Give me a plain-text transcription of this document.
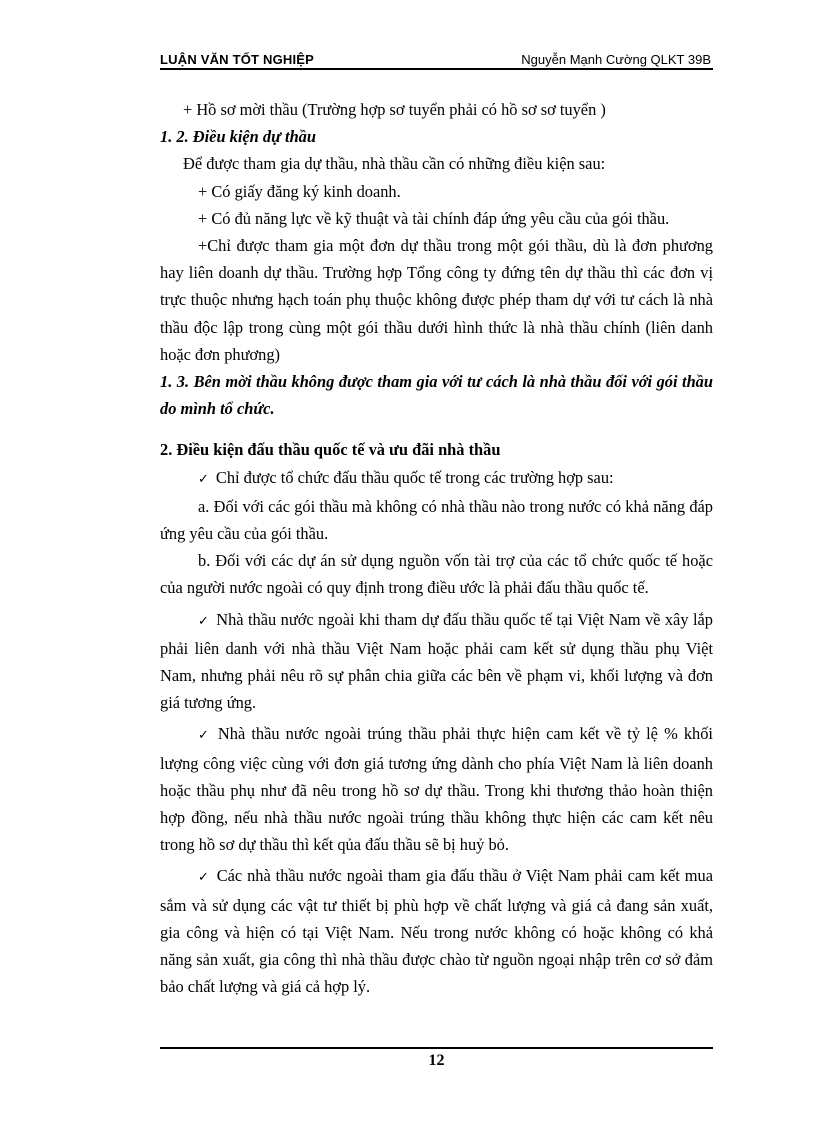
LUẬN VĂN TỐT NGHIỆP	Nguyễn Mạnh Cường QLKT 39B

+ Hồ sơ mời thầu (Trường hợp sơ tuyển phải có hồ sơ sơ tuyển )

1. 2. Điều kiện dự thầu

Để được tham gia dự thầu, nhà thầu cần có những điều kiện sau:

+ Có giấy đăng ký kinh doanh.

+ Có đủ năng lực về kỹ thuật và tài chính đáp ứng yêu cầu của gói thầu.

+Chỉ được tham gia một đơn dự thầu trong một gói thầu, dù là đơn phương hay liên doanh dự thầu. Trường hợp Tổng công ty đứng tên dự thầu thì các đơn vị trực thuộc nhưng hạch toán phụ thuộc không được phép tham dự với tư cách là nhà thầu độc lập trong cùng một gói thầu dưới hình thức là nhà thầu chính (liên danh hoặc đơn phương)

1. 3. Bên mời thầu không được tham gia với tư cách là nhà thầu đối với gói thầu do mình tổ chức.

2. Điều kiện đấu thầu quốc tế và ưu đãi nhà thầu

✓ Chỉ được tổ chức đấu thầu quốc tế trong các trường hợp sau:

a. Đối với các gói thầu mà không có nhà thầu nào trong nước có khả năng đáp ứng yêu cầu của gói thầu.

b. Đối với các dự án sử dụng nguồn vốn tài trợ của các tổ chức quốc tế hoặc của người nước ngoài có quy định trong điều ước là phải đấu thầu quốc tế.

✓ Nhà thầu nước ngoài khi tham dự đấu thầu quốc tế tại Việt Nam về xây lắp phải liên danh với nhà thầu Việt Nam hoặc phải cam kết sử dụng thầu phụ Việt Nam, nhưng phải nêu rõ sự phân chia giữa các bên về phạm vi, khối lượng và đơn giá tương ứng.

✓ Nhà thầu nước ngoài trúng thầu phải thực hiện cam kết về tỷ lệ % khối lượng công việc cùng với đơn giá tương ứng dành cho phía Việt Nam là liên doanh hoặc thầu phụ như đã nêu trong hồ sơ dự thầu. Trong khi thương thảo hoàn thiện hợp đồng, nếu nhà thầu nước ngoài trúng thầu không thực hiện các cam kết nêu trong hồ sơ dự thầu thì kết qủa đấu thầu sẽ bị huỷ bỏ.

✓ Các nhà thầu nước ngoài tham gia đấu thầu ở Việt Nam phải cam kết mua sắm và sử dụng các vật tư thiết bị phù hợp về chất lượng và giá cả đang sản xuất, gia công và hiện có tại Việt Nam. Nếu trong nước không có hoặc không có khả năng sản xuất, gia công thì nhà thầu được chào từ nguồn ngoại nhập trên cơ sở đảm bảo chất lượng và giá cả hợp lý.

12
